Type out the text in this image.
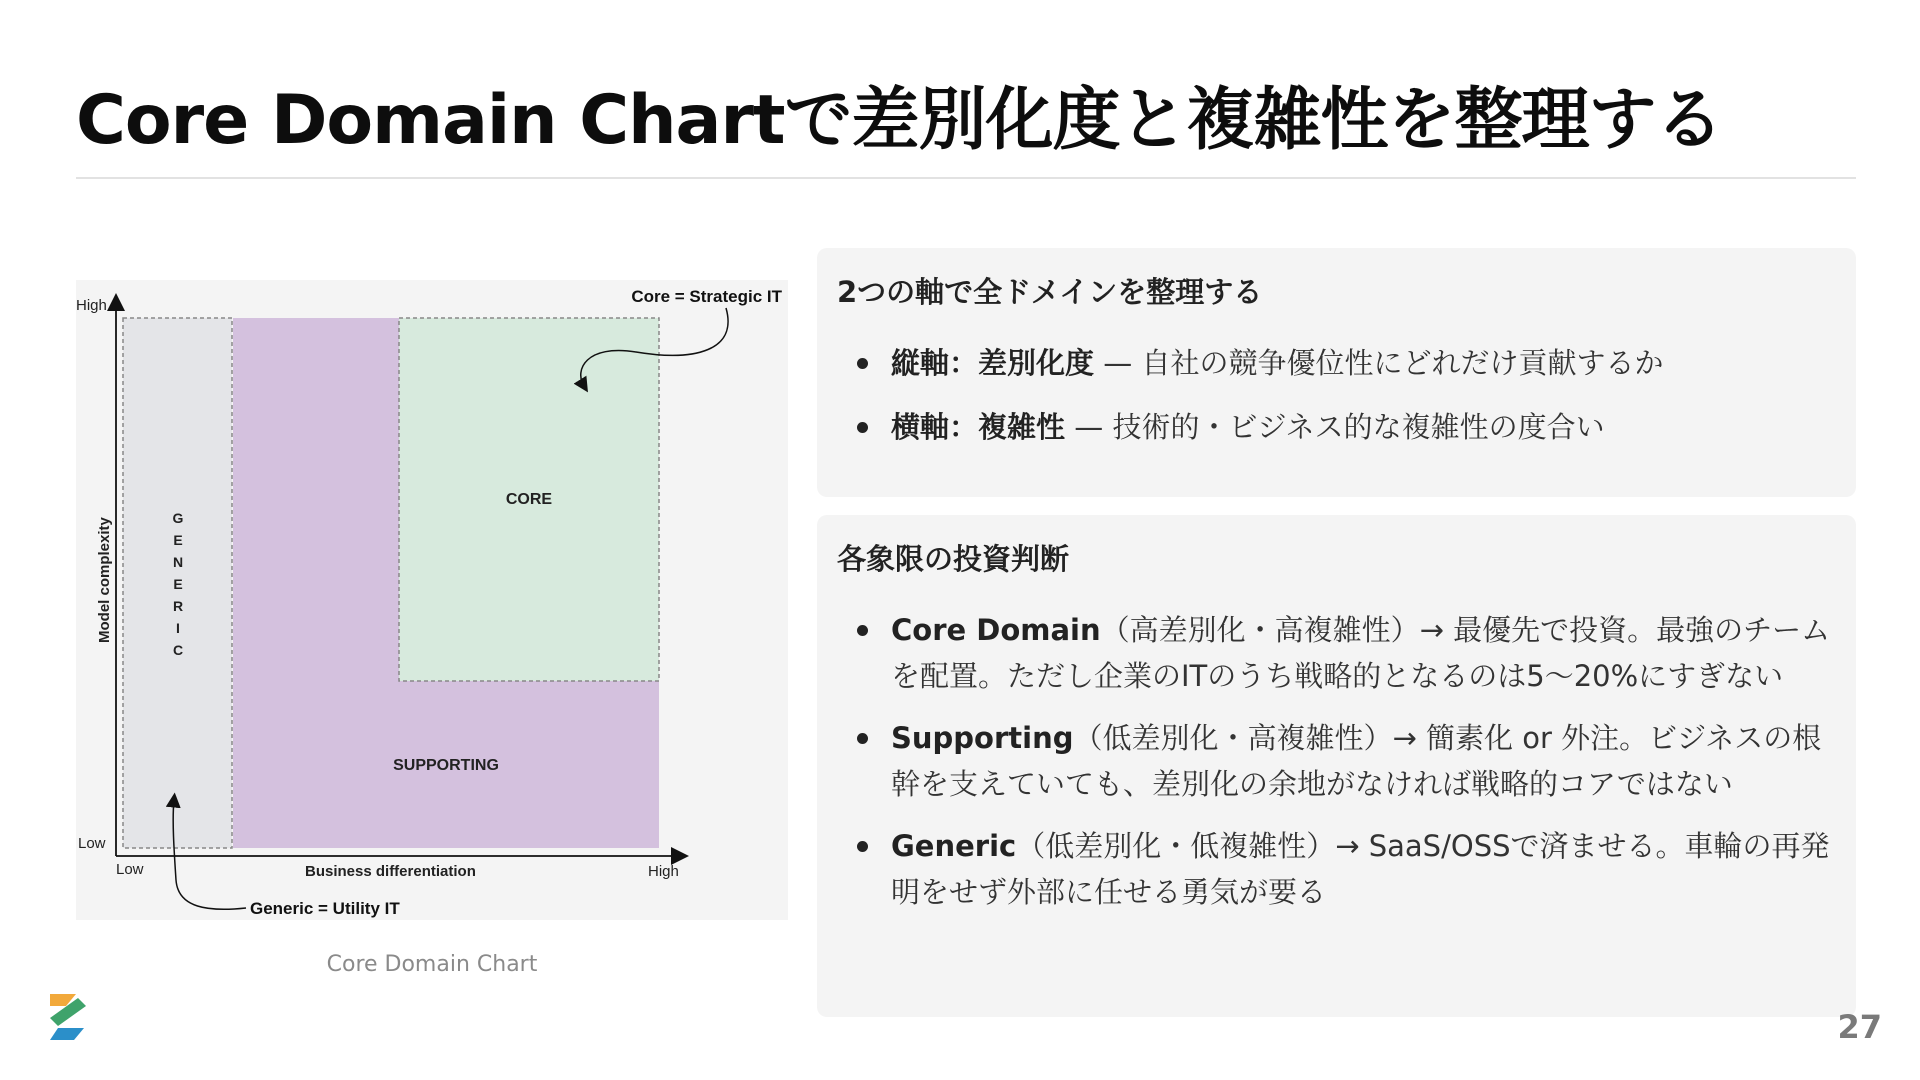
Core Domain Chartで差別化度と複雑性を整理する
High
Low
Low	High
Business differentiation
Model complexity	G
E
N
E
R
I
C
CORE
SUPPORTING
Core = Strategic IT
Generic = Utility IT
Core Domain Chart
2つの軸で全ドメインを整理する
縦軸：差別化度 — 自社の競争優位性にどれだけ貢献するか
横軸：複雑性 — 技術的・ビジネス的な複雑性の度合い
各象限の投資判断
Core Domain（高差別化・高複雑性）→ 最優先で投資。最強のチームを配置。ただし企業のITのうち戦略的となるのは5〜20%にすぎない
Supporting（低差別化・高複雑性）→ 簡素化 or 外注。ビジネスの根幹を支えていても、差別化の余地がなければ戦略的コアではない
Generic（低差別化・低複雑性）→ SaaS/OSSで済ませる。車輪の再発明をせず外部に任せる勇気が要る
27
